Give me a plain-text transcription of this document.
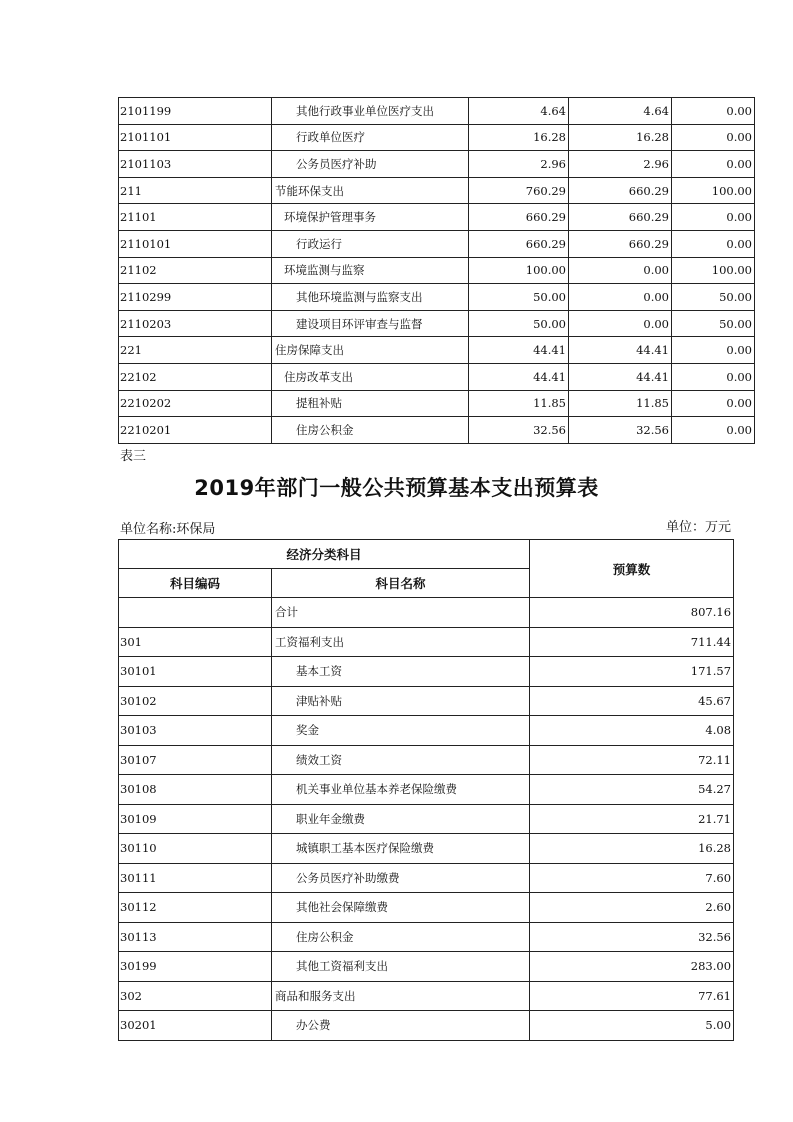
2101199	其他行政事业单位医疗支出	4.64	4.64	0.00
2101101	行政单位医疗	16.28	16.28	0.00
2101103	公务员医疗补助	2.96	2.96	0.00
211	节能环保支出	760.29	660.29	100.00
21101	环境保护管理事务	660.29	660.29	0.00
2110101	行政运行	660.29	660.29	0.00
21102	环境监测与监察	100.00	0.00	100.00
2110299	其他环境监测与监察支出	50.00	0.00	50.00
2110203	建设项目环评审查与监督	50.00	0.00	50.00
221	住房保障支出	44.41	44.41	0.00
22102	住房改革支出	44.41	44.41	0.00
2210202	提租补贴	11.85	11.85	0.00
2210201	住房公积金	32.56	32.56	0.00
表三
2019年部门一般公共预算基本支出预算表
单位名称:环保局	单位：万元
经济分类科目		预算数
科目编码	科目名称	
	合计	807.16
301	工资福利支出	711.44
30101	基本工资	171.57
30102	津贴补贴	45.67
30103	奖金	4.08
30107	绩效工资	72.11
30108	机关事业单位基本养老保险缴费	54.27
30109	职业年金缴费	21.71
30110	城镇职工基本医疗保险缴费	16.28
30111	公务员医疗补助缴费	7.60
30112	其他社会保障缴费	2.60
30113	住房公积金	32.56
30199	其他工资福利支出	283.00
302	商品和服务支出	77.61
30201	办公费	5.00
